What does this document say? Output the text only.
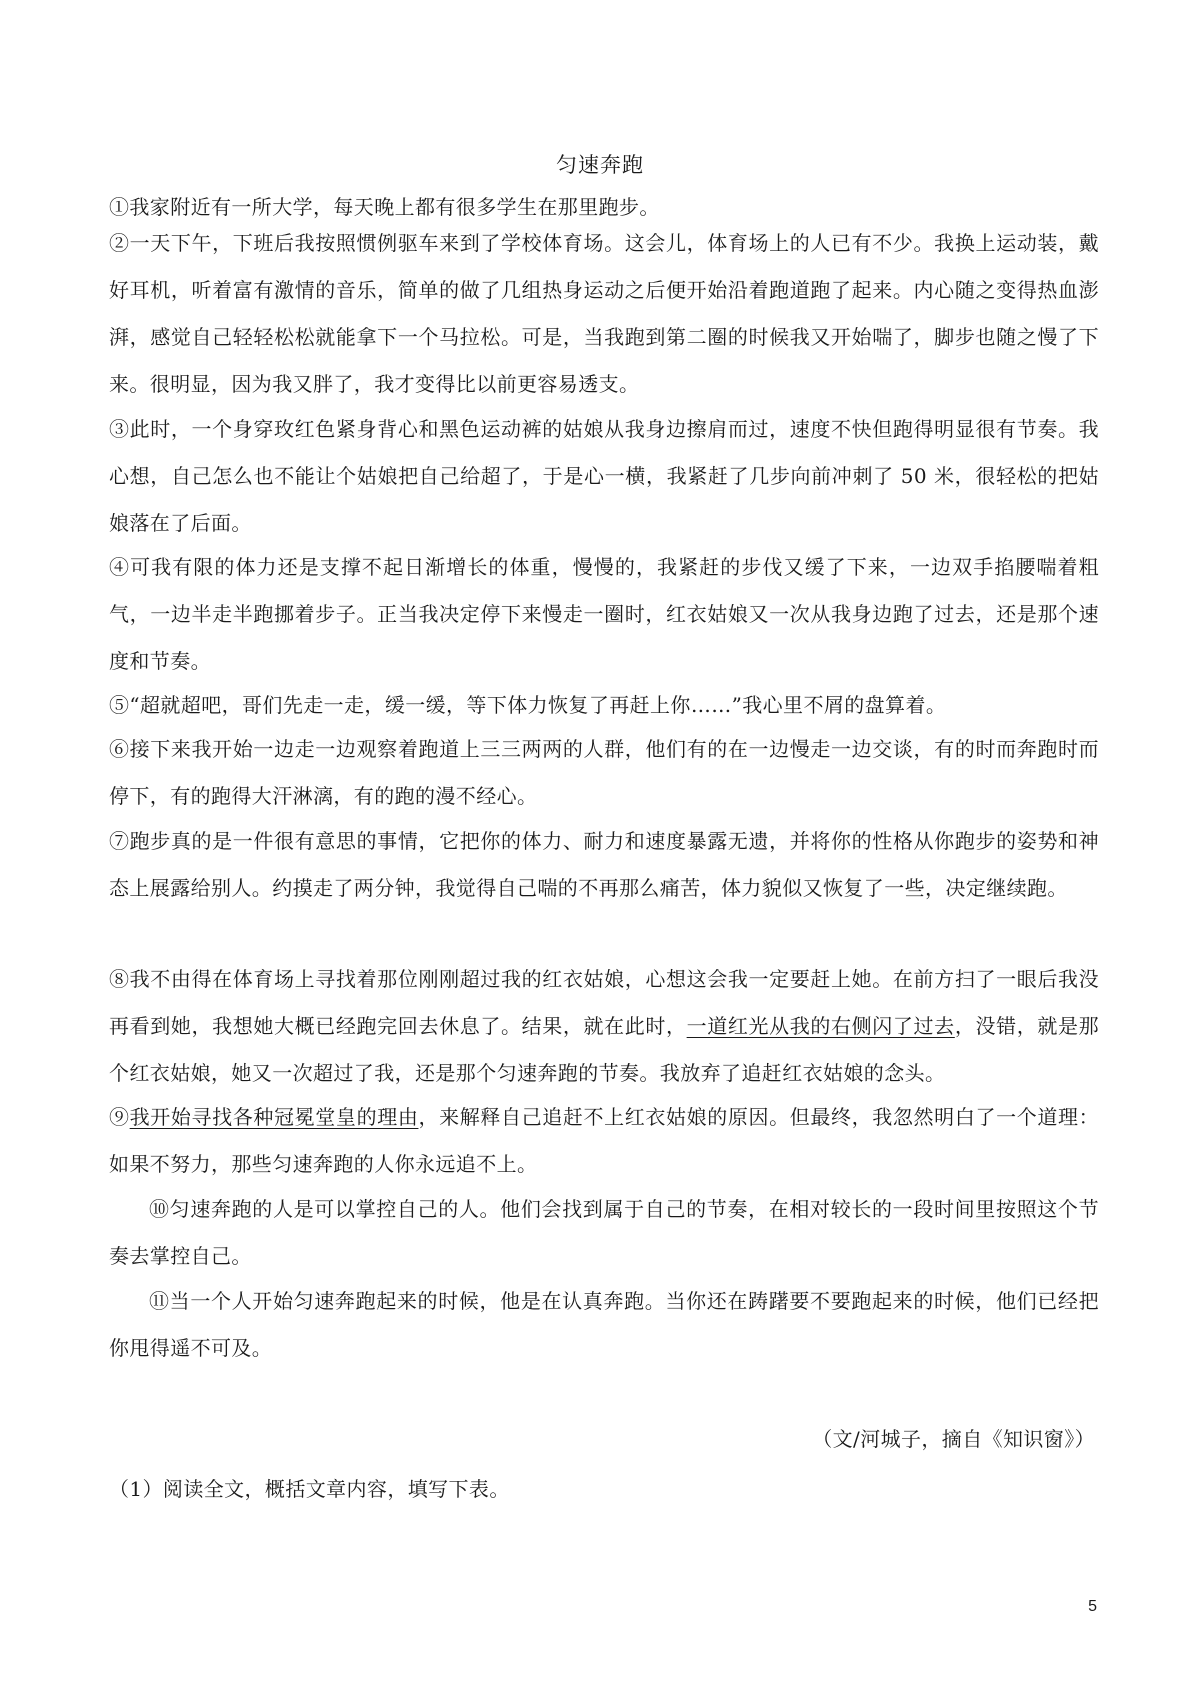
匀速奔跑
①我家附近有一所大学，每天晚上都有很多学生在那里跑步。
②一天下午，下班后我按照惯例驱车来到了学校体育场。这会儿，体育场上的人已有不少。我换上运动装，戴好耳机，听着富有激情的音乐，简单的做了几组热身运动之后便开始沿着跑道跑了起来。内心随之变得热血澎湃，感觉自己轻轻松松就能拿下一个马拉松。可是，当我跑到第二圈的时候我又开始喘了，脚步也随之慢了下来。很明显，因为我又胖了，我才变得比以前更容易透支。
③此时，一个身穿玫红色紧身背心和黑色运动裤的姑娘从我身边擦肩而过，速度不快但跑得明显很有节奏。我心想，自己怎么也不能让个姑娘把自己给超了，于是心一横，我紧赶了几步向前冲刺了 50 米，很轻松的把姑娘落在了后面。
④可我有限的体力还是支撑不起日渐增长的体重，慢慢的，我紧赶的步伐又缓了下来，一边双手掐腰喘着粗气，一边半走半跑挪着步子。正当我决定停下来慢走一圈时，红衣姑娘又一次从我身边跑了过去，还是那个速度和节奏。
⑤“超就超吧，哥们先走一走，缓一缓，等下体力恢复了再赶上你……”我心里不屑的盘算着。
⑥接下来我开始一边走一边观察着跑道上三三两两的人群，他们有的在一边慢走一边交谈，有的时而奔跑时而停下，有的跑得大汗淋漓，有的跑的漫不经心。
⑦跑步真的是一件很有意思的事情，它把你的体力、耐力和速度暴露无遗，并将你的性格从你跑步的姿势和神态上展露给别人。约摸走了两分钟，我觉得自己喘的不再那么痛苦，体力貌似又恢复了一些，决定继续跑。
⑧我不由得在体育场上寻找着那位刚刚超过我的红衣姑娘，心想这会我一定要赶上她。在前方扫了一眼后我没再看到她，我想她大概已经跑完回去休息了。结果，就在此时，一道红光从我的右侧闪了过去，没错，就是那个红衣姑娘，她又一次超过了我，还是那个匀速奔跑的节奏。我放弃了追赶红衣姑娘的念头。
⑨我开始寻找各种冠冕堂皇的理由，来解释自己追赶不上红衣姑娘的原因。但最终，我忽然明白了一个道理：如果不努力，那些匀速奔跑的人你永远追不上。
⑩匀速奔跑的人是可以掌控自己的人。他们会找到属于自己的节奏，在相对较长的一段时间里按照这个节奏去掌控自己。
⑪当一个人开始匀速奔跑起来的时候，他是在认真奔跑。当你还在踌躇要不要跑起来的时候，他们已经把你甩得遥不可及。
（文/河城子，摘自《知识窗》）
（1）阅读全文，概括文章内容，填写下表。
5
